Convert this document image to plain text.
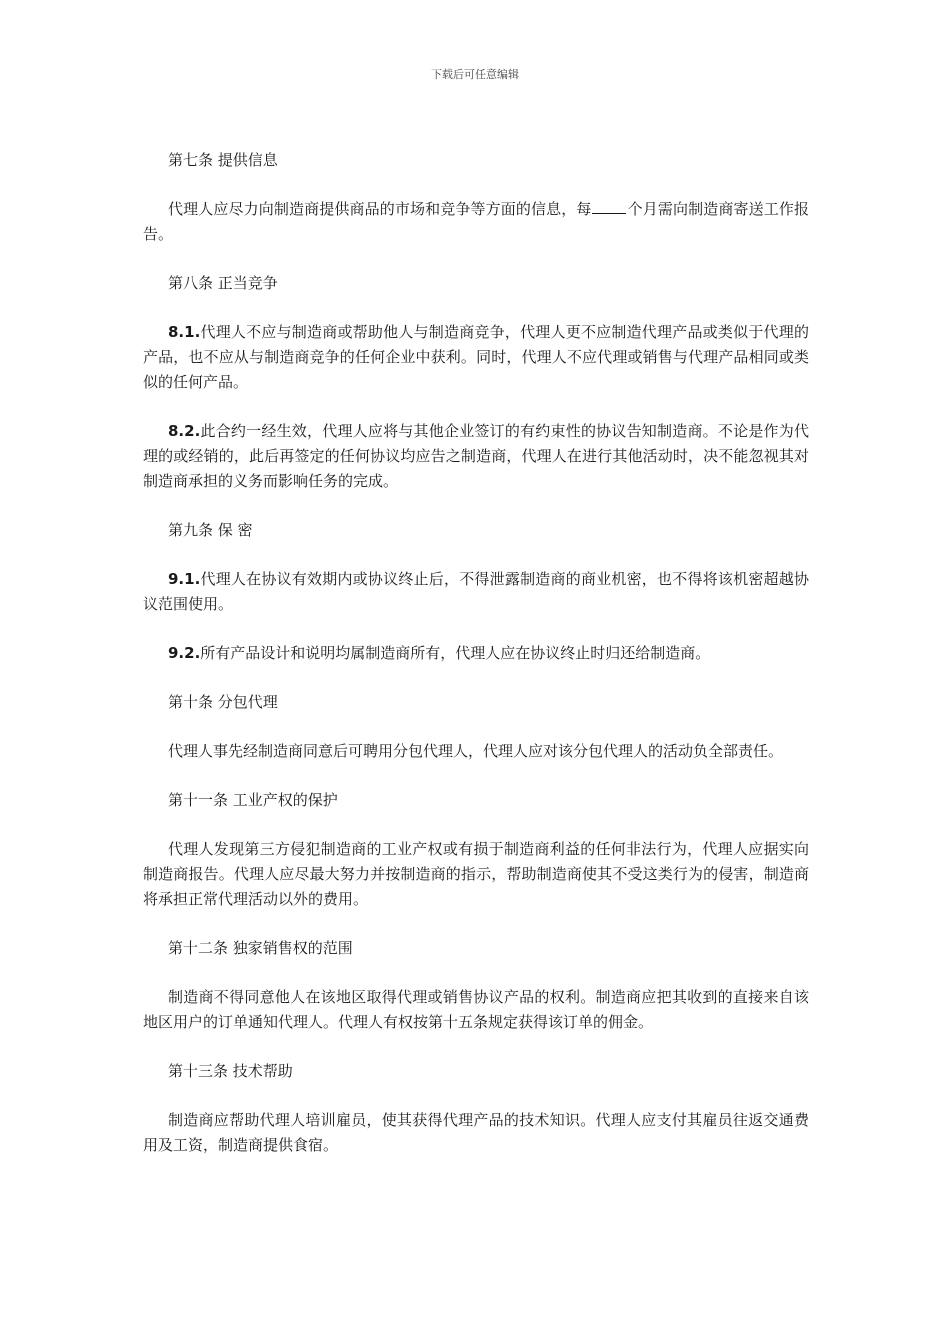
下载后可任意编辑

第七条 提供信息

代理人应尽力向制造商提供商品的市场和竞争等方面的信息，每 个月需向制造商寄送工作报告。

第八条 正当竞争

8.1.代理人不应与制造商或帮助他人与制造商竞争，代理人更不应制造代理产品或类似于代理的产品，也不应从与制造商竞争的任何企业中获利。同时，代理人不应代理或销售与代理产品相同或类似的任何产品。

8.2.此合约一经生效，代理人应将与其他企业签订的有约束性的协议告知制造商。不论是作为代理的或经销的，此后再签定的任何协议均应告之制造商，代理人在进行其他活动时，决不能忽视其对制造商承担的义务而影响任务的完成。

第九条 保 密

9.1.代理人在协议有效期内或协议终止后，不得泄露制造商的商业机密，也不得将该机密超越协议范围使用。

9.2.所有产品设计和说明均属制造商所有，代理人应在协议终止时归还给制造商。

第十条 分包代理

代理人事先经制造商同意后可聘用分包代理人，代理人应对该分包代理人的活动负全部责任。

第十一条 工业产权的保护

代理人发现第三方侵犯制造商的工业产权或有损于制造商利益的任何非法行为，代理人应据实向制造商报告。代理人应尽最大努力并按制造商的指示，帮助制造商使其不受这类行为的侵害，制造商将承担正常代理活动以外的费用。

第十二条 独家销售权的范围

制造商不得同意他人在该地区取得代理或销售协议产品的权利。制造商应把其收到的直接来自该地区用户的订单通知代理人。代理人有权按第十五条规定获得该订单的佣金。

第十三条 技术帮助

制造商应帮助代理人培训雇员，使其获得代理产品的技术知识。代理人应支付其雇员往返交通费用及工资，制造商提供食宿。
